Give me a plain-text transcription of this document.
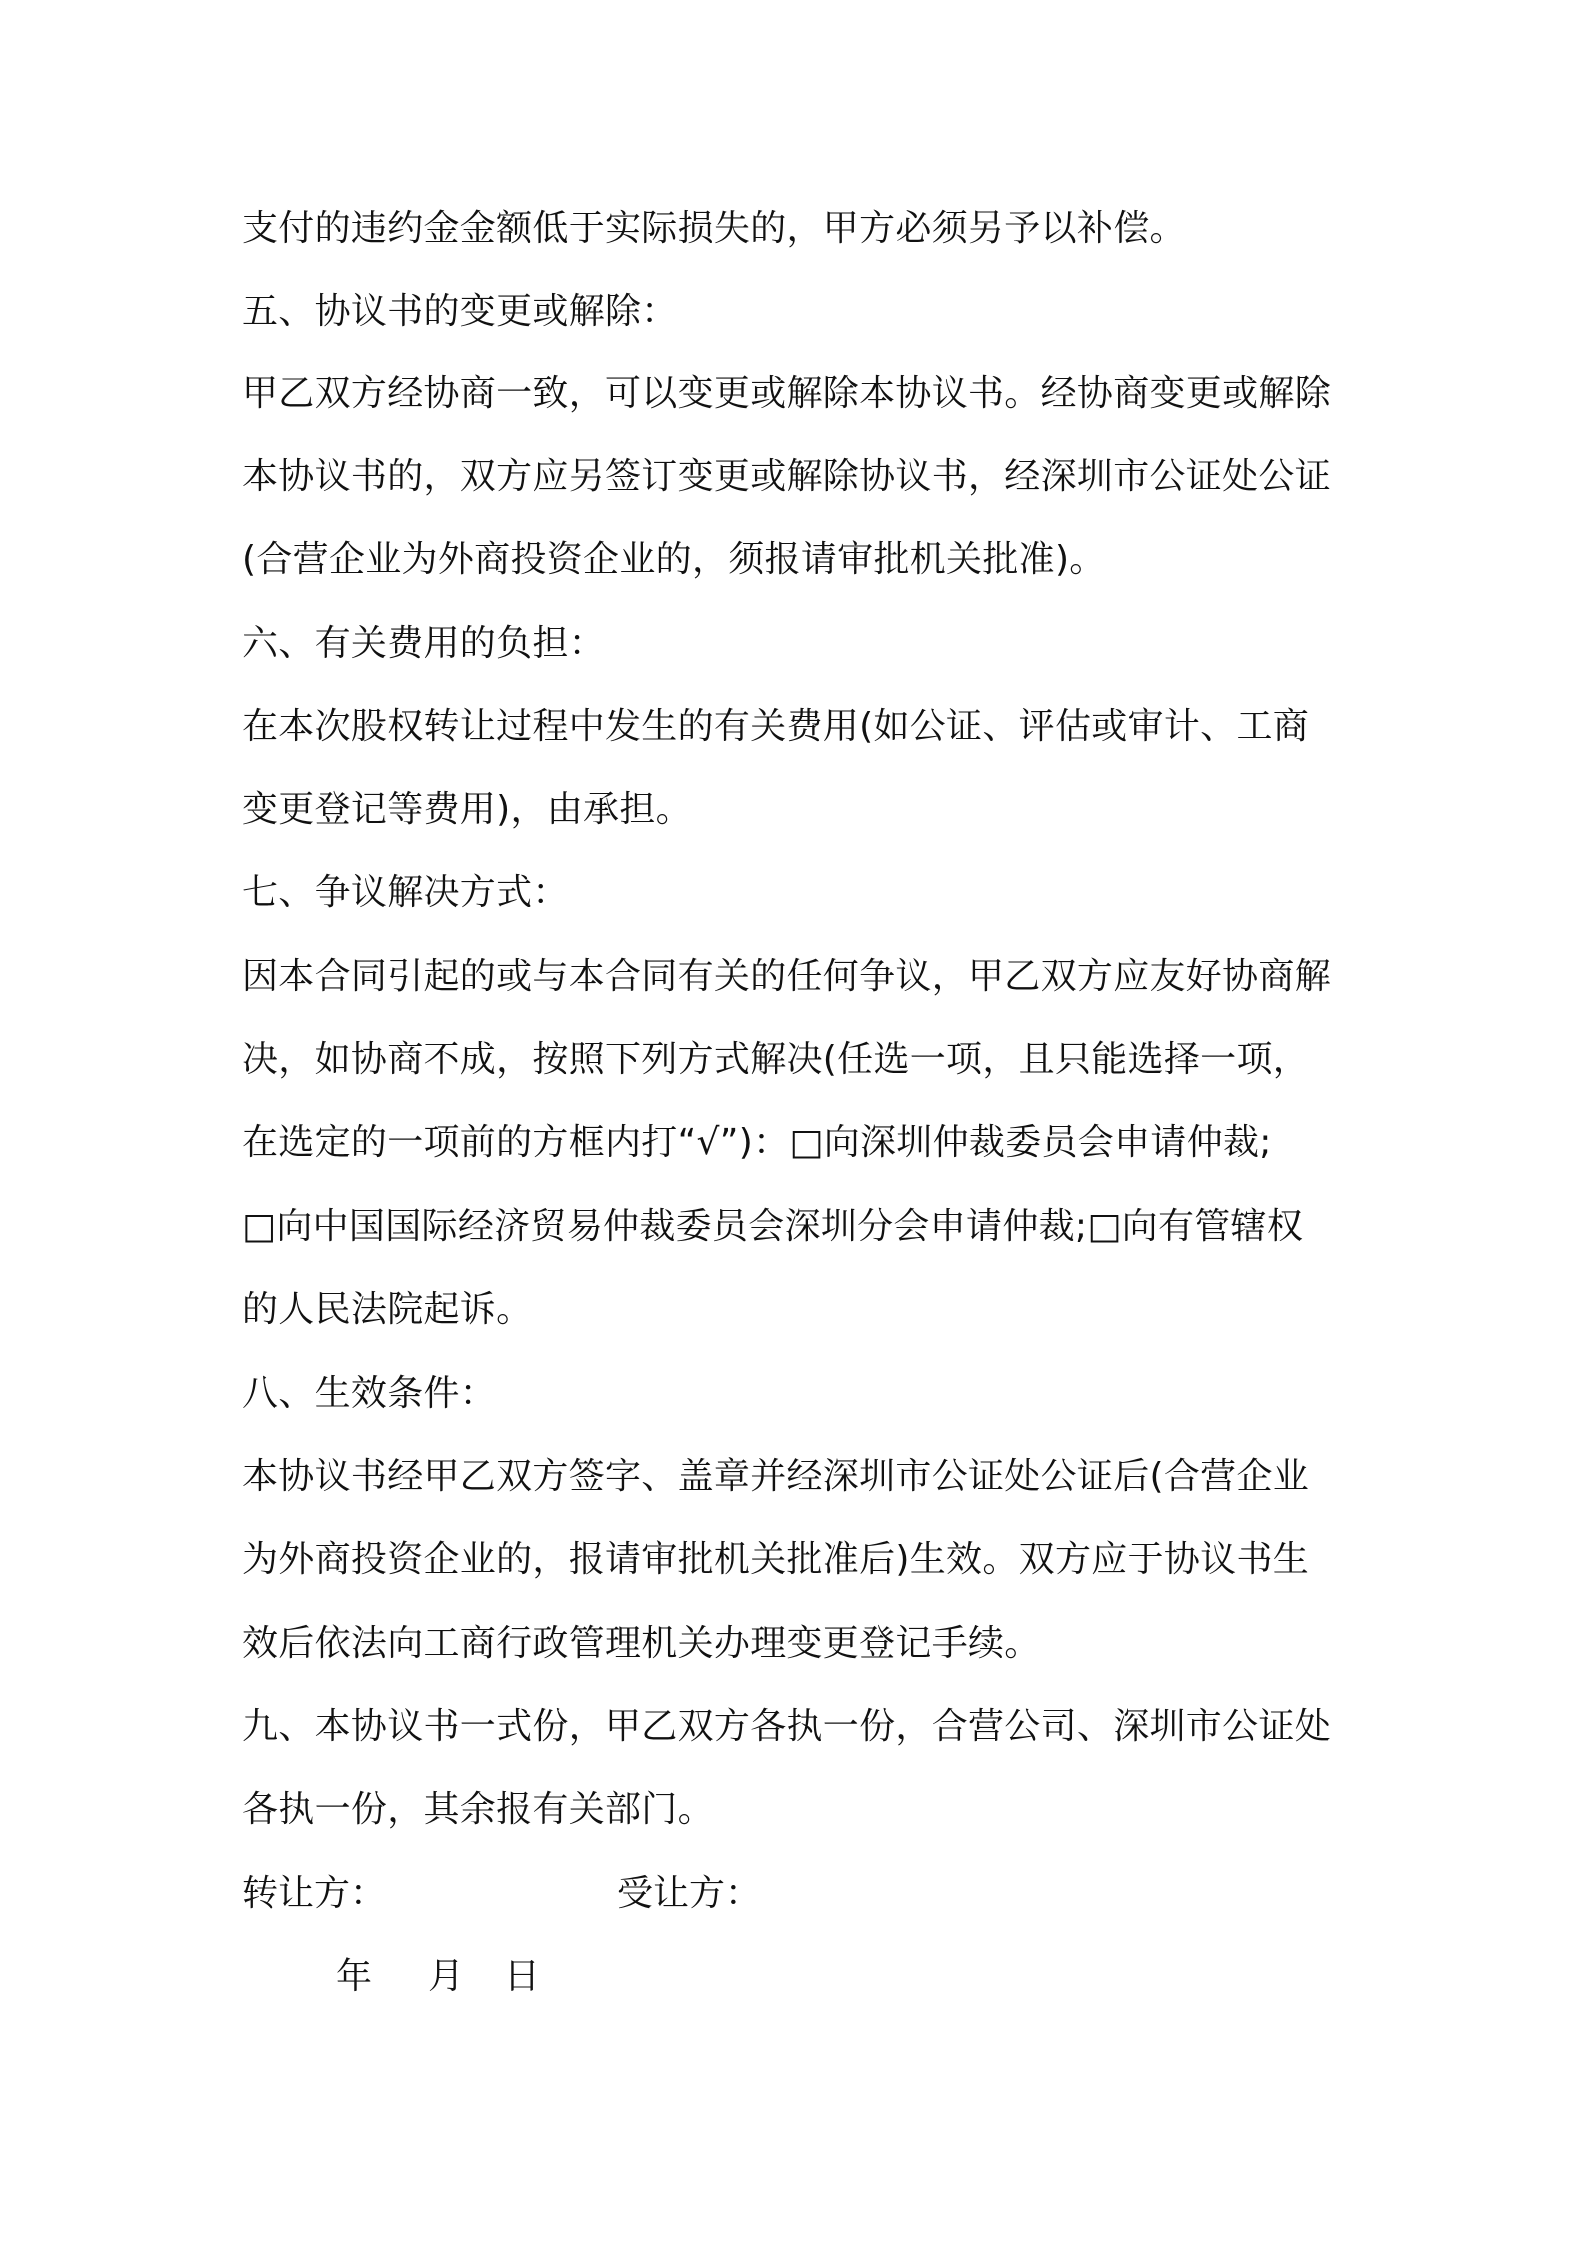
支付的违约金金额低于实际损失的，甲方必须另予以补偿。
五、协议书的变更或解除：
甲乙双方经协商一致，可以变更或解除本协议书。经协商变更或解除
本协议书的，双方应另签订变更或解除协议书，经深圳市公证处公证
(合营企业为外商投资企业的，须报请审批机关批准)。
六、有关费用的负担：
在本次股权转让过程中发生的有关费用(如公证、评估或审计、工商
变更登记等费用)，由承担。
七、争议解决方式：
因本合同引起的或与本合同有关的任何争议，甲乙双方应友好协商解
决，如协商不成，按照下列方式解决(任选一项，且只能选择一项，
在选定的一项前的方框内打“√”)：□向深圳仲裁委员会申请仲裁;
□向中国国际经济贸易仲裁委员会深圳分会申请仲裁;□向有管辖权
的人民法院起诉。
八、生效条件：
本协议书经甲乙双方签字、盖章并经深圳市公证处公证后(合营企业
为外商投资企业的，报请审批机关批准后)生效。双方应于协议书生
效后依法向工商行政管理机关办理变更登记手续。
九、本协议书一式份，甲乙双方各执一份，合营公司、深圳市公证处
各执一份，其余报有关部门。
转让方：	受让方：
年 月 日
